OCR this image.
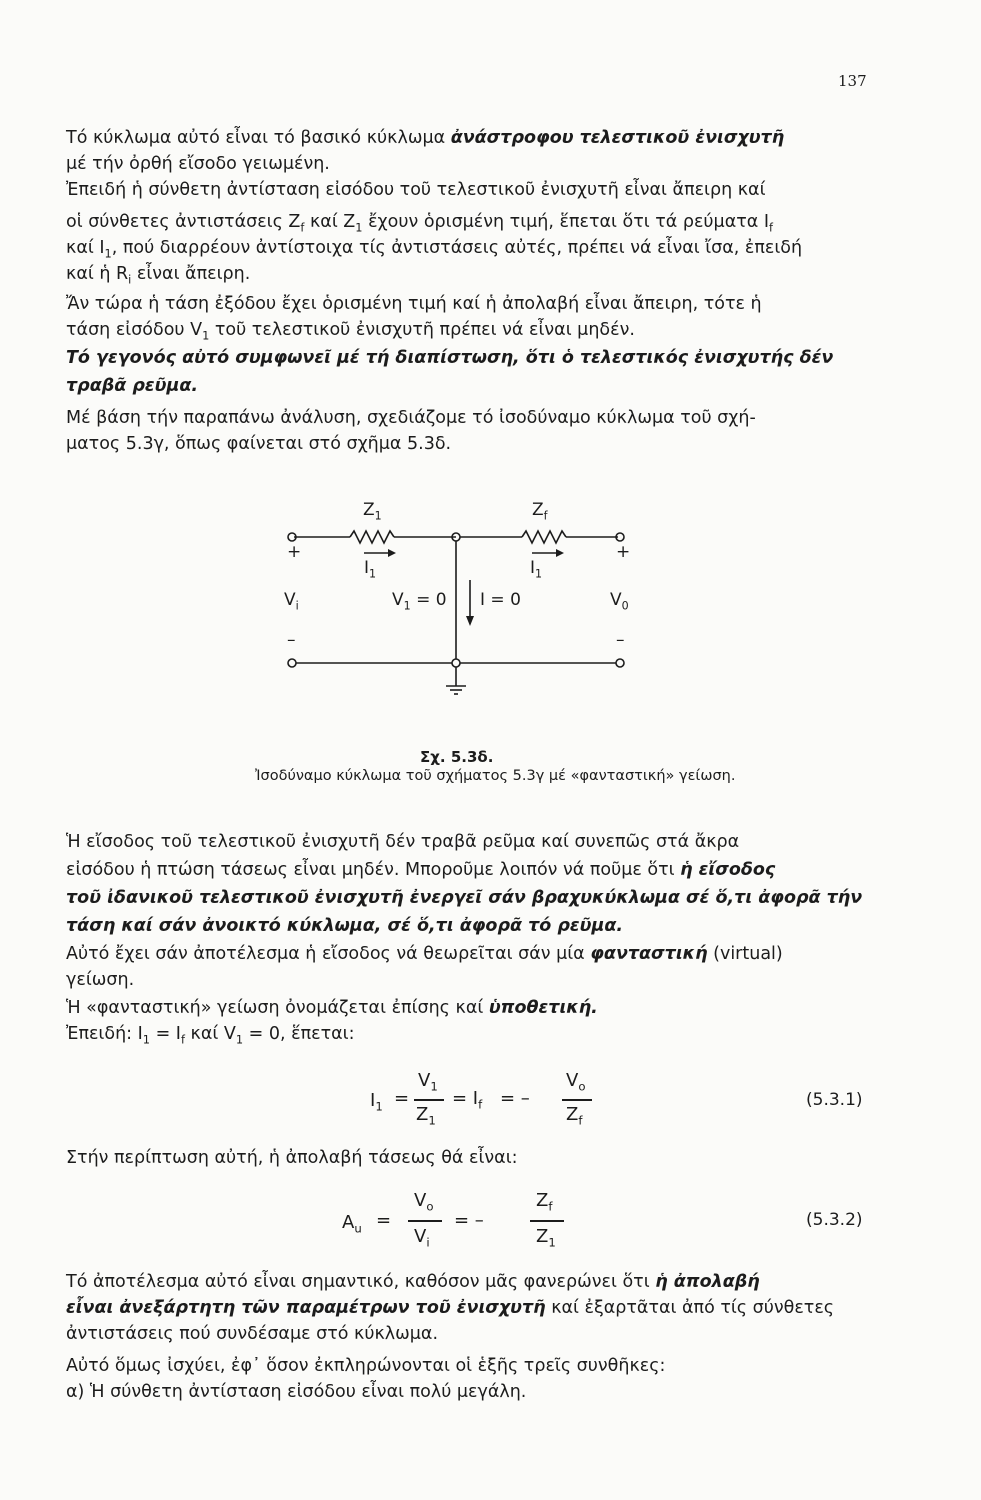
137
Τό κύκλωμα αὐτό εἶναι τό βασικό κύκλωμα ἀνάστροφου τελεστικοῦ ἐνισχυτῆ
μέ τήν ὀρθή εἴσοδο γειωμένη.
Ἐπειδή ἡ σύνθετη ἀντίσταση εἰσόδου τοῦ τελεστικοῦ ἐνισχυτῆ εἶναι ἄπειρη καί
οἱ σύνθετες ἀντιστάσεις $Z_f$ καί $Z_1$ ἔχουν ὁρισμένη τιμή, ἕπεται ὅτι τά ρεύματα $I_f$
καί $I_1$, πού διαρρέουν ἀντίστοιχα τίς ἀντιστάσεις αὐτές, πρέπει νά εἶναι ἴσα, ἐπειδή
καί ἡ $R_i$ εἶναι ἄπειρη.
Ἄν τώρα ἡ τάση ἐξόδου ἔχει ὁρισμένη τιμή καί ἡ ἀπολαβή εἶναι ἄπειρη, τότε ἡ
τάση εἰσόδου $V_1$ τοῦ τελεστικοῦ ἐνισχυτῆ πρέπει νά εἶναι μηδέν.
Τό γεγονός αὐτό συμφωνεῖ μέ τή διαπίστωση, ὅτι ὁ τελεστικός ἐνισχυτής δέν
τραβᾶ ρεῦμα.
Μέ βάση τήν παραπάνω ἀνάλυση, σχεδιάζομε τό ἰσοδύναμο κύκλωμα τοῦ σχή-
ματος 5.3γ, ὅπως φαίνεται στό σχῆμα 5.3δ.
$Z_1$	$Z_f$
$I_1$	$I_1$
+	+
$V_i$	$V_1 = 0$ I = 0	$V_0$
–	–
Σχ. 5.3δ.
Ἰσοδύναμο κύκλωμα τοῦ σχήματος 5.3γ μέ «φανταστική» γείωση.
Ἡ εἴσοδος τοῦ τελεστικοῦ ἐνισχυτῆ δέν τραβᾶ ρεῦμα καί συνεπῶς στά ἄκρα
εἰσόδου ἡ πτώση τάσεως εἶναι μηδέν. Μποροῦμε λοιπόν νά ποῦμε ὅτι ἡ εἴσοδος
τοῦ ἰδανικοῦ τελεστικοῦ ἐνισχυτῆ ἐνεργεῖ σάν βραχυκύκλωμα σέ ὅ,τι ἀφορᾶ τήν
τάση καί σάν ἀνοικτό κύκλωμα, σέ ὅ,τι ἀφορᾶ τό ρεῦμα.
Αὐτό ἔχει σάν ἀποτέλεσμα ἡ εἴσοδος νά θεωρεῖται σάν μία φανταστική (virtual)
γείωση.
Ἡ «φανταστική» γείωση ὀνομάζεται ἐπίσης καί ὑποθετική.
Ἐπειδή: $I_1 = I_f$ καί $V_1 = 0$, ἕπεται:
$I_1$ =
$V_1$
$Z_1$
= $I_f$ = –
$V_o$
$Z_f$
(5.3.1)
Στήν περίπτωση αὐτή, ἡ ἀπολαβή τάσεως θά εἶναι:
$A_u$ =
$V_o$
$V_i$
= –
$Z_f$
$Z_1$
(5.3.2)
Τό ἀποτέλεσμα αὐτό εἶναι σημαντικό, καθόσον μᾶς φανερώνει ὅτι ἡ ἀπολαβή
εἶναι ἀνεξάρτητη τῶν παραμέτρων τοῦ ἐνισχυτῆ καί ἐξαρτᾶται ἀπό τίς σύνθετες
ἀντιστάσεις πού συνδέσαμε στό κύκλωμα.
Αὐτό ὅμως ἰσχύει, ἐφ᾽ ὅσον ἐκπληρώνονται οἱ ἑξῆς τρεῖς συνθῆκες:
α) Ἡ σύνθετη ἀντίσταση εἰσόδου εἶναι πολύ μεγάλη.
